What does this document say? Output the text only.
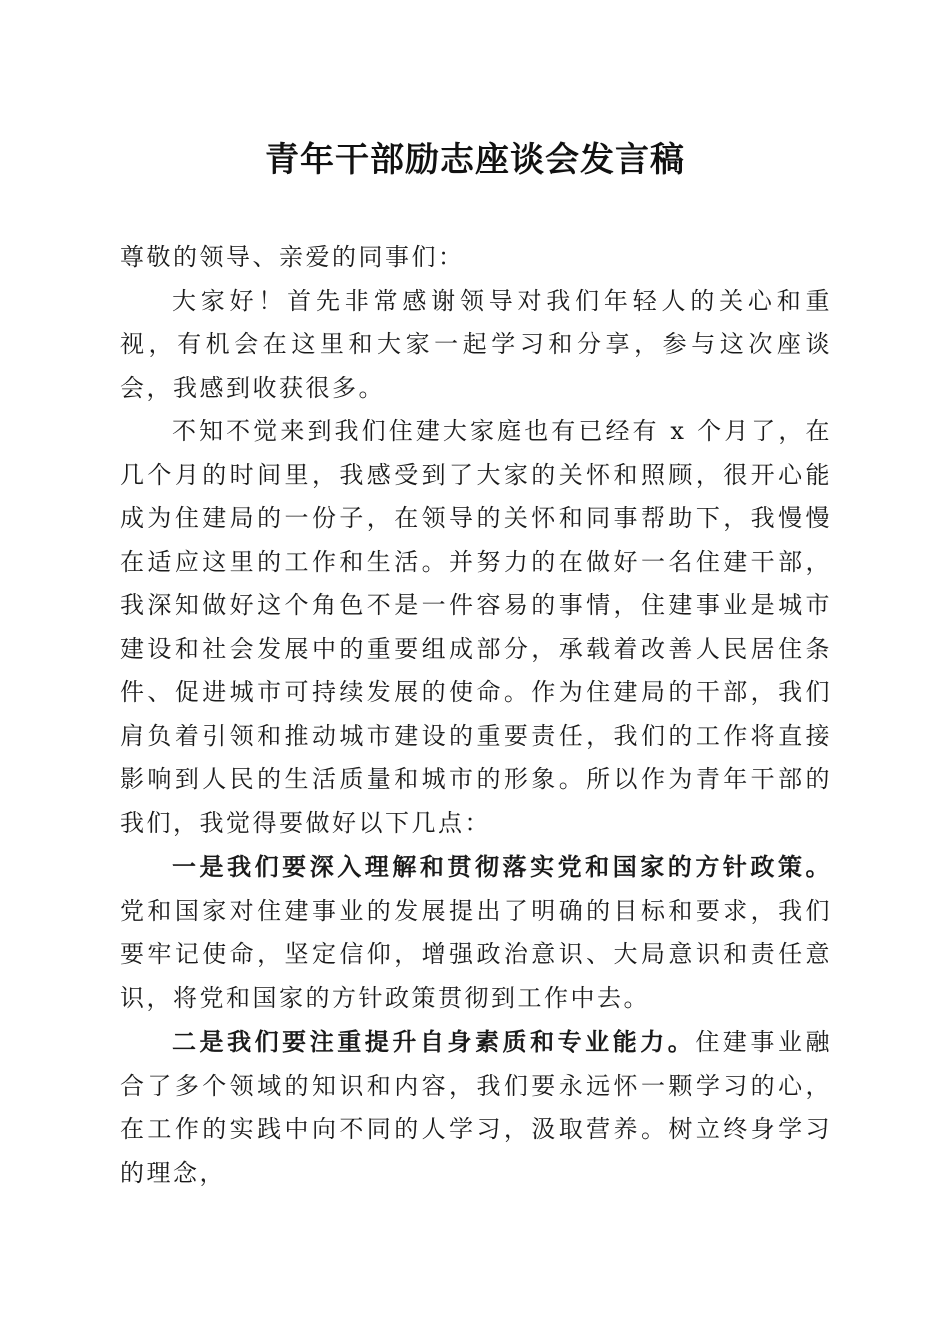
青年干部励志座谈会发言稿

尊敬的领导、亲爱的同事们：

大家好！首先非常感谢领导对我们年轻人的关心和重视，有机会在这里和大家一起学习和分享，参与这次座谈会，我感到收获很多。

不知不觉来到我们住建大家庭也有已经有 x 个月了，在几个月的时间里，我感受到了大家的关怀和照顾，很开心能成为住建局的一份子，在领导的关怀和同事帮助下，我慢慢在适应这里的工作和生活。并努力的在做好一名住建干部，我深知做好这个角色不是一件容易的事情，住建事业是城市建设和社会发展中的重要组成部分，承载着改善人民居住条件、促进城市可持续发展的使命。作为住建局的干部，我们肩负着引领和推动城市建设的重要责任，我们的工作将直接影响到人民的生活质量和城市的形象。所以作为青年干部的我们，我觉得要做好以下几点：

一是我们要深入理解和贯彻落实党和国家的方针政策。党和国家对住建事业的发展提出了明确的目标和要求，我们要牢记使命，坚定信仰，增强政治意识、大局意识和责任意识，将党和国家的方针政策贯彻到工作中去。

二是我们要注重提升自身素质和专业能力。住建事业融合了多个领域的知识和内容，我们要永远怀一颗学习的心，在工作的实践中向不同的人学习，汲取营养。树立终身学习的理念，
